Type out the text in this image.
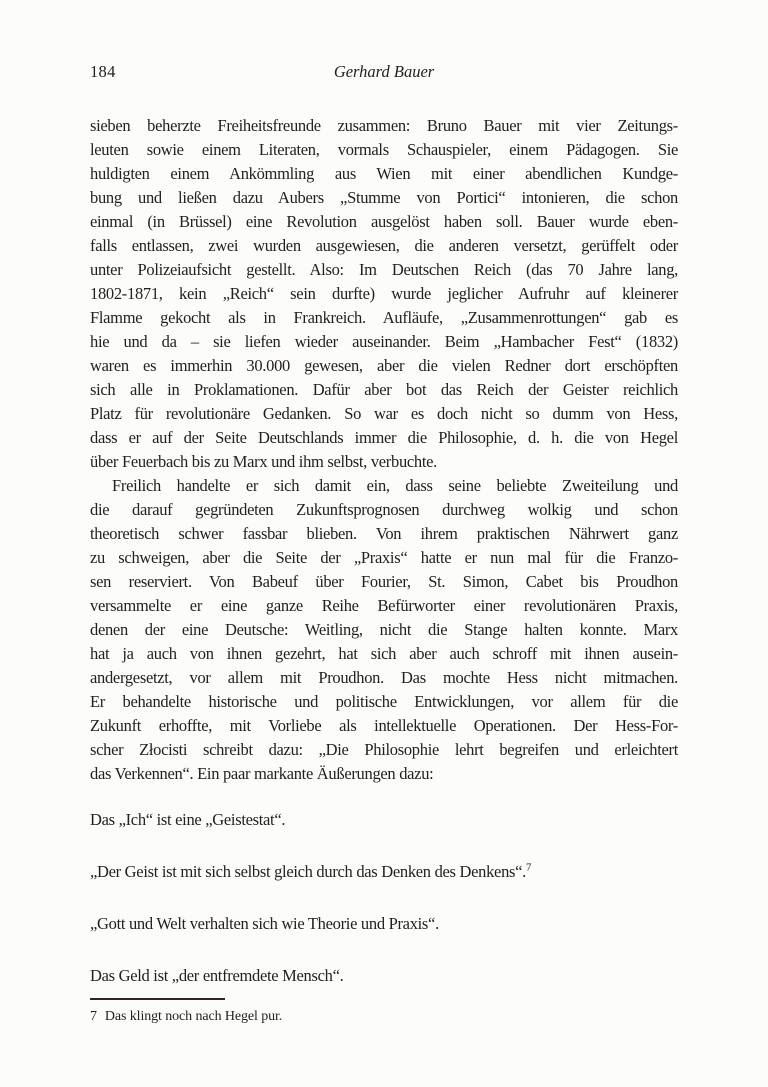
184	Gerhard Bauer
sieben beherzte Freiheitsfreunde zusammen: Bruno Bauer mit vier Zeitungs-
leuten sowie einem Literaten, vormals Schauspieler, einem Pädagogen. Sie
huldigten einem Ankömmling aus Wien mit einer abendlichen Kundge-
bung und ließen dazu Aubers „Stumme von Portici“ intonieren, die schon
einmal (in Brüssel) eine Revolution ausgelöst haben soll. Bauer wurde eben-
falls entlassen, zwei wurden ausgewiesen, die anderen versetzt, gerüffelt oder
unter Polizeiaufsicht gestellt. Also: Im Deutschen Reich (das 70 Jahre lang,
1802-1871, kein „Reich“ sein durfte) wurde jeglicher Aufruhr auf kleinerer
Flamme gekocht als in Frankreich. Aufläufe, „Zusammenrottungen“ gab es
hie und da – sie liefen wieder auseinander. Beim „Hambacher Fest“ (1832)
waren es immerhin 30.000 gewesen, aber die vielen Redner dort erschöpften
sich alle in Proklamationen. Dafür aber bot das Reich der Geister reichlich
Platz für revolutionäre Gedanken. So war es doch nicht so dumm von Hess,
dass er auf der Seite Deutschlands immer die Philosophie, d. h. die von Hegel
über Feuerbach bis zu Marx und ihm selbst, verbuchte.
Freilich handelte er sich damit ein, dass seine beliebte Zweiteilung und
die darauf gegründeten Zukunftsprognosen durchweg wolkig und schon
theoretisch schwer fassbar blieben. Von ihrem praktischen Nährwert ganz
zu schweigen, aber die Seite der „Praxis“ hatte er nun mal für die Franzo-
sen reserviert. Von Babeuf über Fourier, St. Simon, Cabet bis Proudhon
versammelte er eine ganze Reihe Befürworter einer revolutionären Praxis,
denen der eine Deutsche: Weitling, nicht die Stange halten konnte. Marx
hat ja auch von ihnen gezehrt, hat sich aber auch schroff mit ihnen ausein-
andergesetzt, vor allem mit Proudhon. Das mochte Hess nicht mitmachen.
Er behandelte historische und politische Entwicklungen, vor allem für die
Zukunft erhoffte, mit Vorliebe als intellektuelle Operationen. Der Hess-For-
scher Złocisti schreibt dazu: „Die Philosophie lehrt begreifen und erleichtert
das Verkennen“. Ein paar markante Äußerungen dazu:
Das „Ich“ ist eine „Geistestat“.
„Der Geist ist mit sich selbst gleich durch das Denken des Denkens“.$^7$
„Gott und Welt verhalten sich wie Theorie und Praxis“.
Das Geld ist „der entfremdete Mensch“.
7 Das klingt noch nach Hegel pur.
